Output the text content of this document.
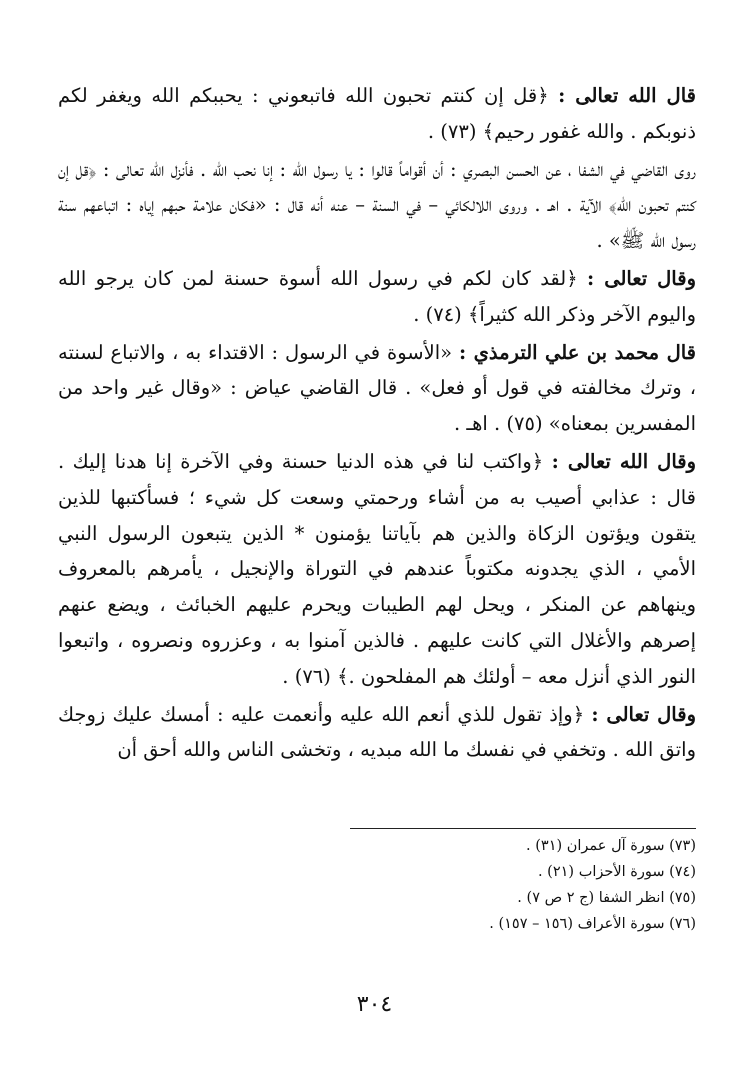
قال الله تعالى : ﴿قل إن كنتم تحبون الله فاتبعوني : يحببكم الله ويغفر لكم ذنوبكم . والله غفور رحيم﴾ (٧٣) .

روى القاضي في الشفا ، عن الحسن البصري : أن أقواماً قالوا : يا رسول الله : إنا نحب الله . فأنزل الله تعالى : ﴿قل إن كنتم تحبون الله﴾ الآية . اهـ . وروى اللالكائي – في السنة – عنه أنه قال : «فكان علامة حبهم إياه : اتباعهم سنة رسول الله ﷺ» .

وقال تعالى : ﴿لقد كان لكم في رسول الله أسوة حسنة لمن كان يرجو الله واليوم الآخر وذكر الله كثيراً﴾ (٧٤) .

قال محمد بن علي الترمذي : «الأسوة في الرسول : الاقتداء به ، والاتباع لسنته ، وترك مخالفته في قول أو فعل» . قال القاضي عياض : «وقال غير واحد من المفسرين بمعناه» (٧٥) . اهـ .

وقال الله تعالى : ﴿واكتب لنا في هذه الدنيا حسنة وفي الآخرة إنا هدنا إليك . قال : عذابي أصيب به من أشاء ورحمتي وسعت كل شيء ؛ فسأكتبها للذين يتقون ويؤتون الزكاة والذين هم بآياتنا يؤمنون * الذين يتبعون الرسول النبي الأمي ، الذي يجدونه مكتوباً عندهم في التوراة والإنجيل ، يأمرهم بالمعروف وينهاهم عن المنكر ، ويحل لهم الطيبات ويحرم عليهم الخبائث ، ويضع عنهم إصرهم والأغلال التي كانت عليهم . فالذين آمنوا به ، وعزروه ونصروه ، واتبعوا النور الذي أنزل معه – أولئك هم المفلحون .﴾ (٧٦) .

وقال تعالى : ﴿وإذ تقول للذي أنعم الله عليه وأنعمت عليه : أمسك عليك زوجك واتق الله . وتخفي في نفسك ما الله مبديه ، وتخشى الناس والله أحق أن

(٧٣) سورة آل عمران (٣١) .

(٧٤) سورة الأحزاب (٢١) .

(٧٥) انظر الشفا (ج ٢ ص ٧) .

(٧٦) سورة الأعراف (١٥٦ – ١٥٧) .

٣٠٤
